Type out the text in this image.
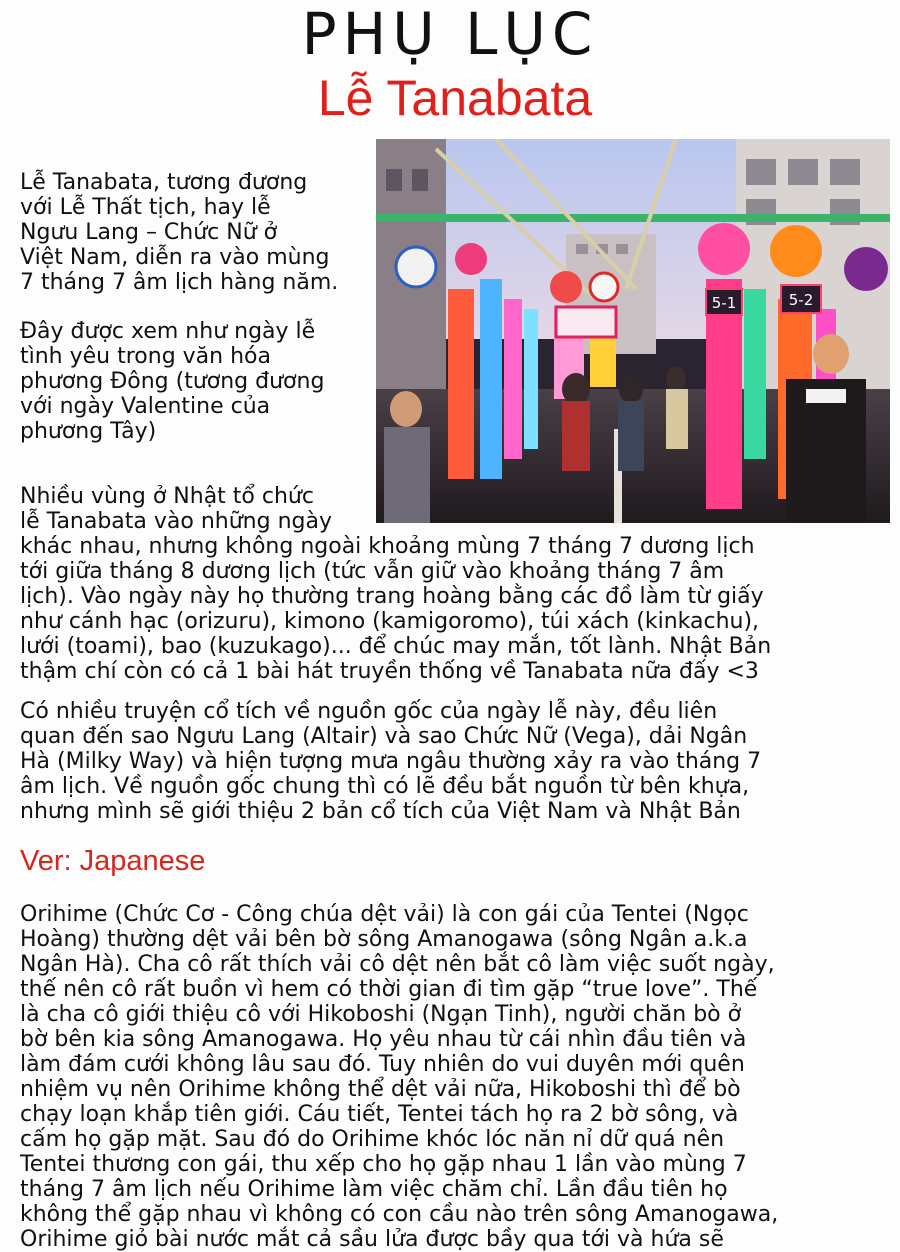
PHỤ LỤC
Lễ Tanabata
5-1	5-2

Lễ Tanabata, tương đương
với Lễ Thất tịch, hay lễ
Ngưu Lang – Chức Nữ ở
Việt Nam, diễn ra vào mùng
7 tháng 7 âm lịch hàng năm.

Đây được xem như ngày lễ
tình yêu trong văn hóa
phương Đông (tương đương
với ngày Valentine của
phương Tây)

Nhiều vùng ở Nhật tổ chức
lễ Tanabata vào những ngày
khác nhau, nhưng không ngoài khoảng mùng 7 tháng 7 dương lịch
tới giữa tháng 8 dương lịch (tức vẫn giữ vào khoảng tháng 7 âm
lịch). Vào ngày này họ thường trang hoàng bằng các đồ làm từ giấy
như cánh hạc (orizuru), kimono (kamigoromo), túi xách (kinkachu),
lưới (toami), bao (kuzukago)... để chúc may mắn, tốt lành. Nhật Bản
thậm chí còn có cả 1 bài hát truyền thống về Tanabata nữa đấy <3

Có nhiều truyện cổ tích về nguồn gốc của ngày lễ này, đều liên
quan đến sao Ngưu Lang (Altair) và sao Chức Nữ (Vega), dải Ngân
Hà (Milky Way) và hiện tượng mưa ngâu thường xảy ra vào tháng 7
âm lịch. Về nguồn gốc chung thì có lẽ đều bắt nguồn từ bên khựa,
nhưng mình sẽ giới thiệu 2 bản cổ tích của Việt Nam và Nhật Bản

Ver: Japanese

Orihime (Chức Cơ - Công chúa dệt vải) là con gái của Tentei (Ngọc
Hoàng) thường dệt vải bên bờ sông Amanogawa (sông Ngân a.k.a
Ngân Hà). Cha cô rất thích vải cô dệt nên bắt cô làm việc suốt ngày,
thế nên cô rất buồn vì hem có thời gian đi tìm gặp “true love”. Thế
là cha cô giới thiệu cô với Hikoboshi (Ngạn Tinh), người chăn bò ở
bờ bên kia sông Amanogawa. Họ yêu nhau từ cái nhìn đầu tiên và
làm đám cưới không lâu sau đó. Tuy nhiên do vui duyên mới quên
nhiệm vụ nên Orihime không thể dệt vải nữa, Hikoboshi thì để bò
chạy loạn khắp tiên giới. Cáu tiết, Tentei tách họ ra 2 bờ sông, và
cấm họ gặp mặt. Sau đó do Orihime khóc lóc năn nỉ dữ quá nên
Tentei thương con gái, thu xếp cho họ gặp nhau 1 lần vào mùng 7
tháng 7 âm lịch nếu Orihime làm việc chăm chỉ. Lần đầu tiên họ
không thể gặp nhau vì không có con cầu nào trên sông Amanogawa,
Orihime giỏ bài nước mắt cả sầu lửa được bầy qua tới và hứa sẽ
